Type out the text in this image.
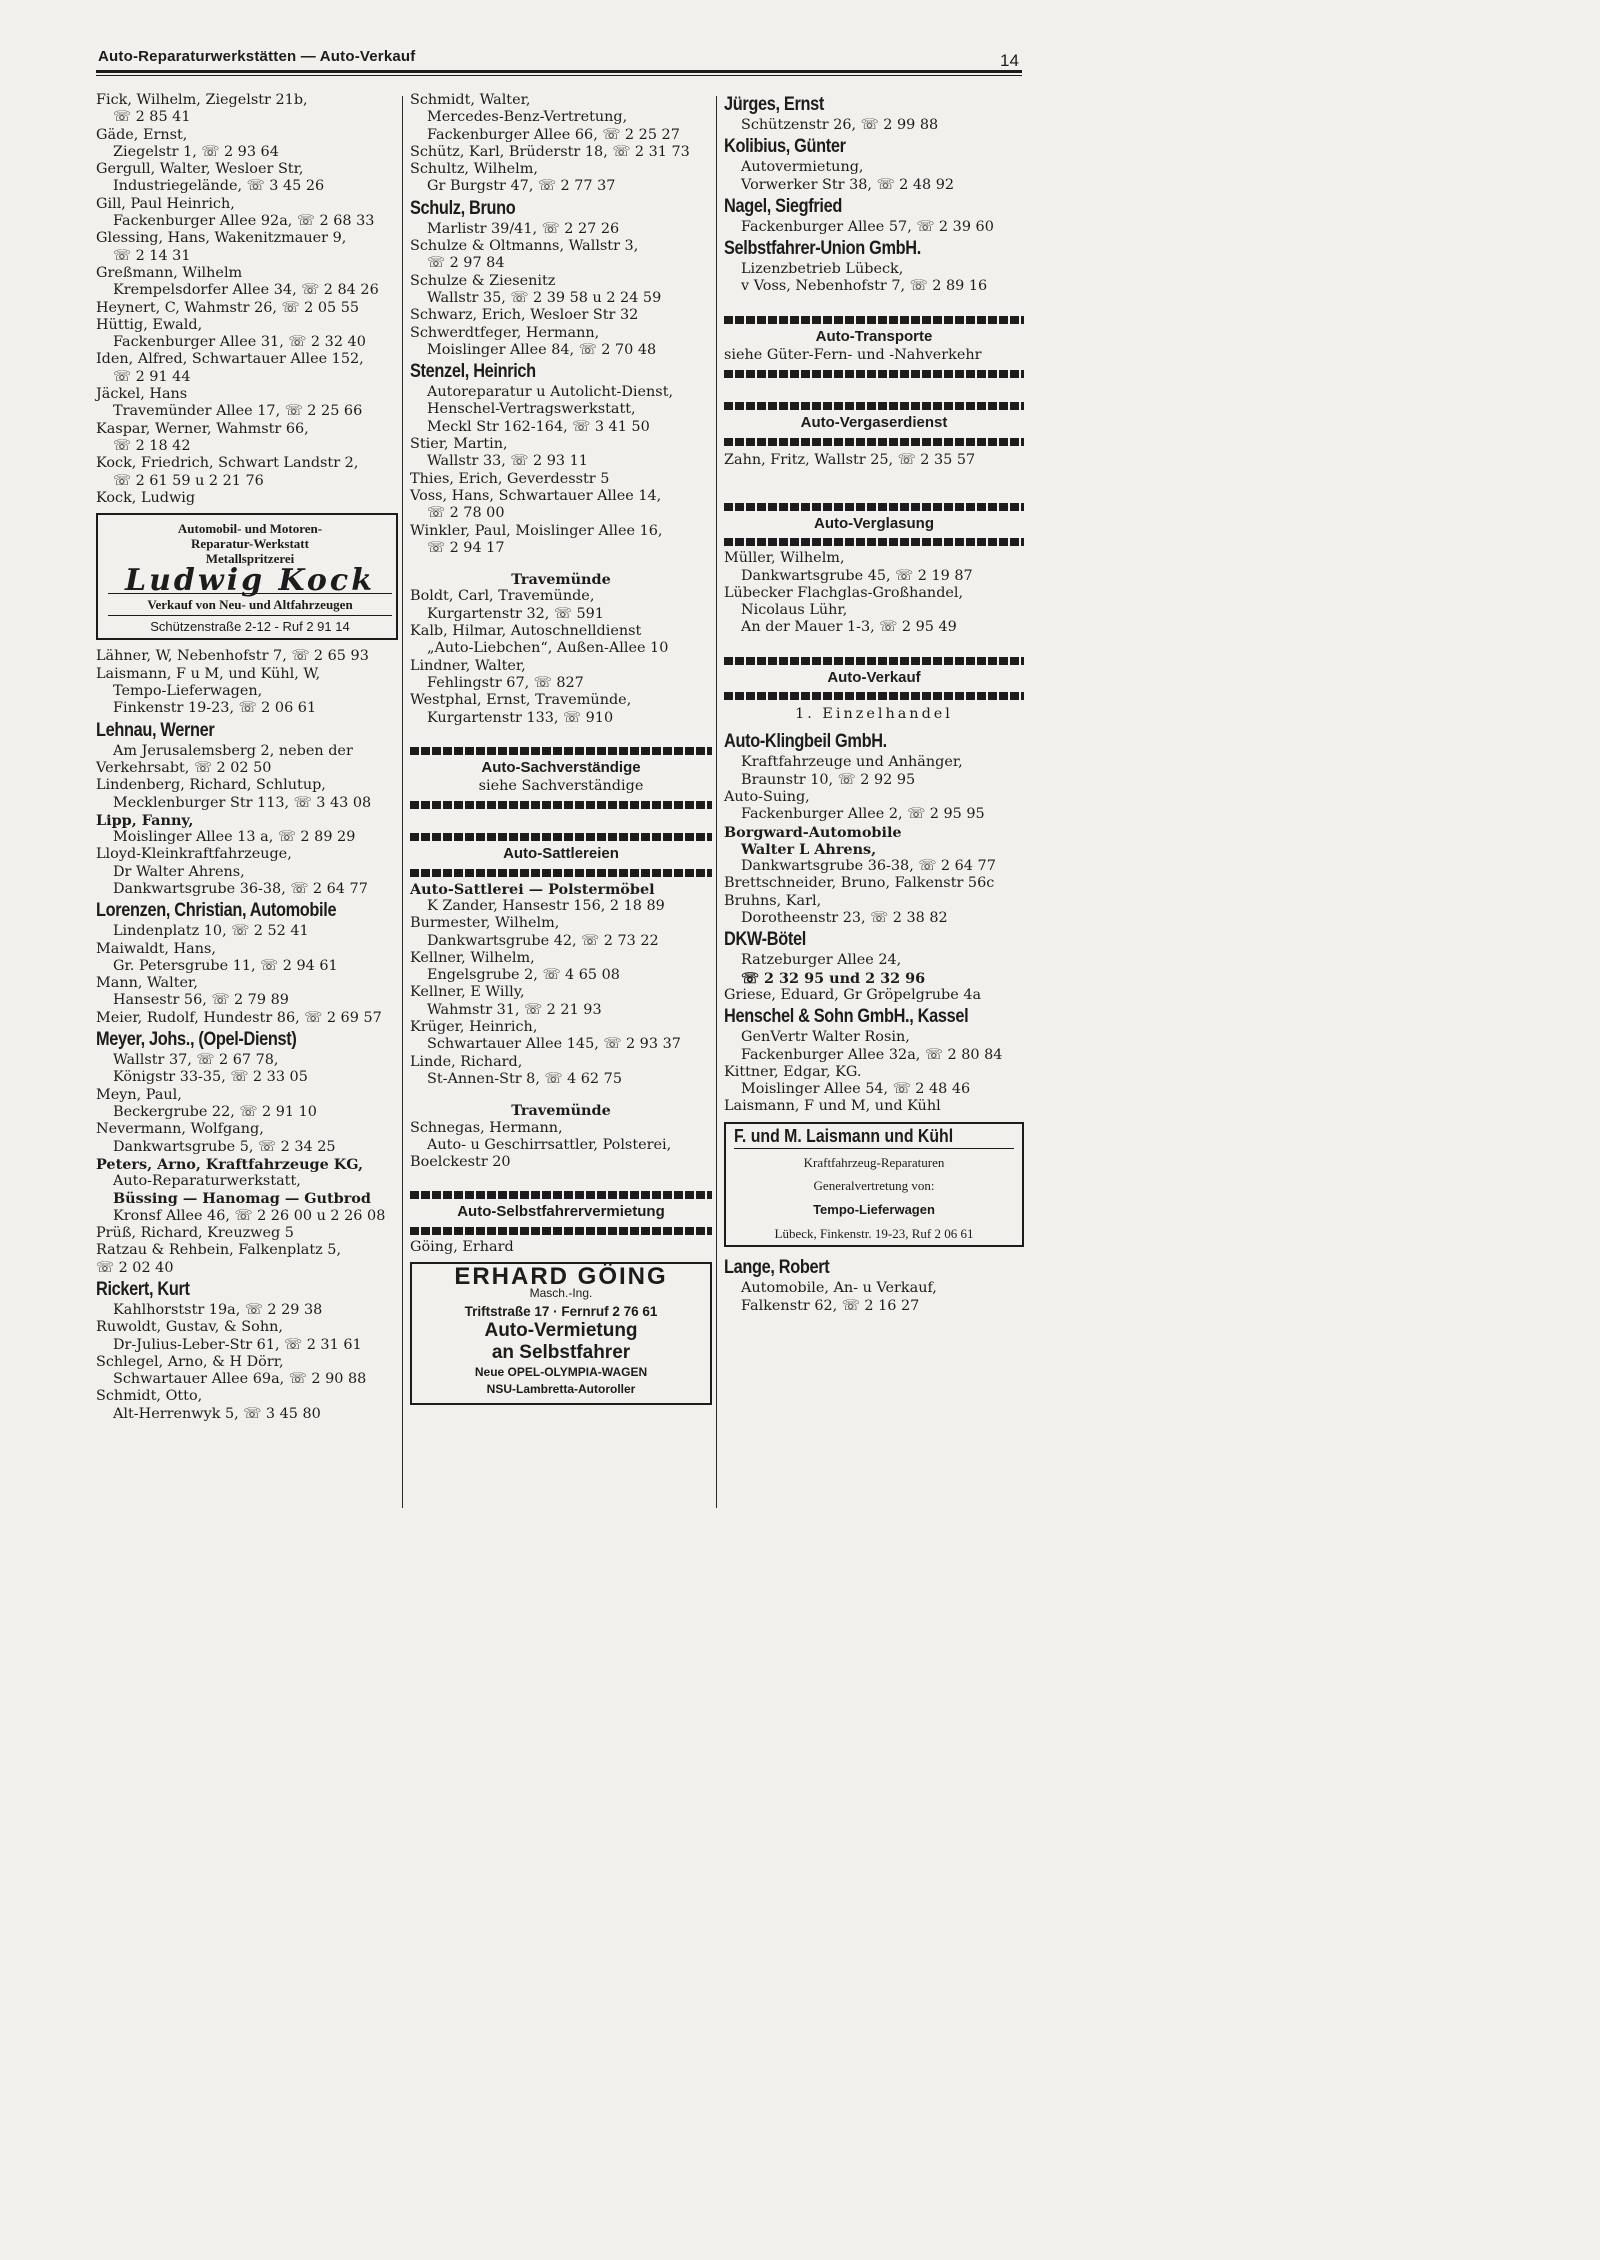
Auto-Reparaturwerkstätten — Auto-Verkauf	14
Fick, Wilhelm, Ziegelstr 21b,
☏ 2 85 41
Gäde, Ernst,
Ziegelstr 1, ☏ 2 93 64
Gergull, Walter, Wesloer Str,
Industriegelände, ☏ 3 45 26
Gill, Paul Heinrich,
Fackenburger Allee 92a, ☏ 2 68 33
Glessing, Hans, Wakenitzmauer 9,
☏ 2 14 31
Greßmann, Wilhelm
Krempelsdorfer Allee 34, ☏ 2 84 26
Heynert, C, Wahmstr 26, ☏ 2 05 55
Hüttig, Ewald,
Fackenburger Allee 31, ☏ 2 32 40
Iden, Alfred, Schwartauer Allee 152,
☏ 2 91 44
Jäckel, Hans
Travemünder Allee 17, ☏ 2 25 66
Kaspar, Werner, Wahmstr 66,
☏ 2 18 42
Kock, Friedrich, Schwart Landstr 2,
☏ 2 61 59 u 2 21 76
Kock, Ludwig
Automobil- und Motoren-
Reparatur-Werkstatt
Metallspritzerei
Ludwig Kock
Verkauf von Neu- und Altfahrzeugen
Schützenstraße 2-12 - Ruf 2 91 14
Lähner, W, Nebenhofstr 7, ☏ 2 65 93
Laismann, F u M, und Kühl, W,
Tempo-Lieferwagen,
Finkenstr 19-23, ☏ 2 06 61
Lehnau, Werner
Am Jerusalemsberg 2, neben der
Verkehrsabt, ☏ 2 02 50
Lindenberg, Richard, Schlutup,
Mecklenburger Str 113, ☏ 3 43 08
Lipp, Fanny,
Moislinger Allee 13 a, ☏ 2 89 29
Lloyd-Kleinkraftfahrzeuge,
Dr Walter Ahrens,
Dankwartsgrube 36-38, ☏ 2 64 77
Lorenzen, Christian, Automobile
Lindenplatz 10, ☏ 2 52 41
Maiwaldt, Hans,
Gr. Petersgrube 11, ☏ 2 94 61
Mann, Walter,
Hansestr 56, ☏ 2 79 89
Meier, Rudolf, Hundestr 86, ☏ 2 69 57
Meyer, Johs., (Opel-Dienst)
Wallstr 37, ☏ 2 67 78,
Königstr 33-35, ☏ 2 33 05
Meyn, Paul,
Beckergrube 22, ☏ 2 91 10
Nevermann, Wolfgang,
Dankwartsgrube 5, ☏ 2 34 25
Peters, Arno, Kraftfahrzeuge KG,
Auto-Reparaturwerkstatt,
Büssing — Hanomag — Gutbrod
Kronsf Allee 46, ☏ 2 26 00 u 2 26 08
Prüß, Richard, Kreuzweg 5
Ratzau & Rehbein, Falkenplatz 5,
☏ 2 02 40
Rickert, Kurt
Kahlhorststr 19a, ☏ 2 29 38
Ruwoldt, Gustav, & Sohn,
Dr-Julius-Leber-Str 61, ☏ 2 31 61
Schlegel, Arno, & H Dörr,
Schwartauer Allee 69a, ☏ 2 90 88
Schmidt, Otto,
Alt-Herrenwyk 5, ☏ 3 45 80
Schmidt, Walter,
Mercedes-Benz-Vertretung,
Fackenburger Allee 66, ☏ 2 25 27
Schütz, Karl, Brüderstr 18, ☏ 2 31 73
Schultz, Wilhelm,
Gr Burgstr 47, ☏ 2 77 37
Schulz, Bruno
Marlistr 39/41, ☏ 2 27 26
Schulze & Oltmanns, Wallstr 3,
☏ 2 97 84
Schulze & Ziesenitz
Wallstr 35, ☏ 2 39 58 u 2 24 59
Schwarz, Erich, Wesloer Str 32
Schwerdtfeger, Hermann,
Moislinger Allee 84, ☏ 2 70 48
Stenzel, Heinrich
Autoreparatur u Autolicht-Dienst,
Henschel-Vertragswerkstatt,
Meckl Str 162-164, ☏ 3 41 50
Stier, Martin,
Wallstr 33, ☏ 2 93 11
Thies, Erich, Geverdesstr 5
Voss, Hans, Schwartauer Allee 14,
☏ 2 78 00
Winkler, Paul, Moislinger Allee 16,
☏ 2 94 17
Travemünde
Boldt, Carl, Travemünde,
Kurgartenstr 32, ☏ 591
Kalb, Hilmar, Autoschnelldienst
„Auto-Liebchen“, Außen-Allee 10
Lindner, Walter,
Fehlingstr 67, ☏ 827
Westphal, Ernst, Travemünde,
Kurgartenstr 133, ☏ 910
Auto-Sachverständige
siehe Sachverständige
Auto-Sattlereien
Auto-Sattlerei — Polstermöbel
K Zander, Hansestr 156, 2 18 89
Burmester, Wilhelm,
Dankwartsgrube 42, ☏ 2 73 22
Kellner, Wilhelm,
Engelsgrube 2, ☏ 4 65 08
Kellner, E Willy,
Wahmstr 31, ☏ 2 21 93
Krüger, Heinrich,
Schwartauer Allee 145, ☏ 2 93 37
Linde, Richard,
St-Annen-Str 8, ☏ 4 62 75
Travemünde
Schnegas, Hermann,
Auto- u Geschirrsattler, Polsterei,
Boelckestr 20
Auto-Selbstfahrervermietung
Göing, Erhard
ERHARD GÖING
Masch.-Ing.
Triftstraße 17 · Fernruf 2 76 61
Auto-Vermietung
an Selbstfahrer
Neue OPEL-OLYMPIA-WAGEN
NSU-Lambretta-Autoroller
Jürges, Ernst
Schützenstr 26, ☏ 2 99 88
Kolibius, Günter
Autovermietung,
Vorwerker Str 38, ☏ 2 48 92
Nagel, Siegfried
Fackenburger Allee 57, ☏ 2 39 60
Selbstfahrer-Union GmbH.
Lizenzbetrieb Lübeck,
v Voss, Nebenhofstr 7, ☏ 2 89 16
Auto-Transporte
siehe Güter-Fern- und -Nahverkehr
Auto-Vergaserdienst
Zahn, Fritz, Wallstr 25, ☏ 2 35 57
Auto-Verglasung
Müller, Wilhelm,
Dankwartsgrube 45, ☏ 2 19 87
Lübecker Flachglas-Großhandel,
Nicolaus Lühr,
An der Mauer 1-3, ☏ 2 95 49
Auto-Verkauf
1. Einzelhandel
Auto-Klingbeil GmbH.
Kraftfahrzeuge und Anhänger,
Braunstr 10, ☏ 2 92 95
Auto-Suing,
Fackenburger Allee 2, ☏ 2 95 95
Borgward-Automobile
Walter L Ahrens,
Dankwartsgrube 36-38, ☏ 2 64 77
Brettschneider, Bruno, Falkenstr 56c
Bruhns, Karl,
Dorotheenstr 23, ☏ 2 38 82
DKW-Bötel
Ratzeburger Allee 24,
☏ 2 32 95 und 2 32 96
Griese, Eduard, Gr Gröpelgrube 4a
Henschel & Sohn GmbH., Kassel
GenVertr Walter Rosin,
Fackenburger Allee 32a, ☏ 2 80 84
Kittner, Edgar, KG.
Moislinger Allee 54, ☏ 2 48 46
Laismann, F und M, und Kühl
F. und M. Laismann und Kühl
Kraftfahrzeug-Reparaturen
Generalvertretung von:
Tempo-Lieferwagen
Lübeck, Finkenstr. 19-23, Ruf 2 06 61
Lange, Robert
Automobile, An- u Verkauf,
Falkenstr 62, ☏ 2 16 27
